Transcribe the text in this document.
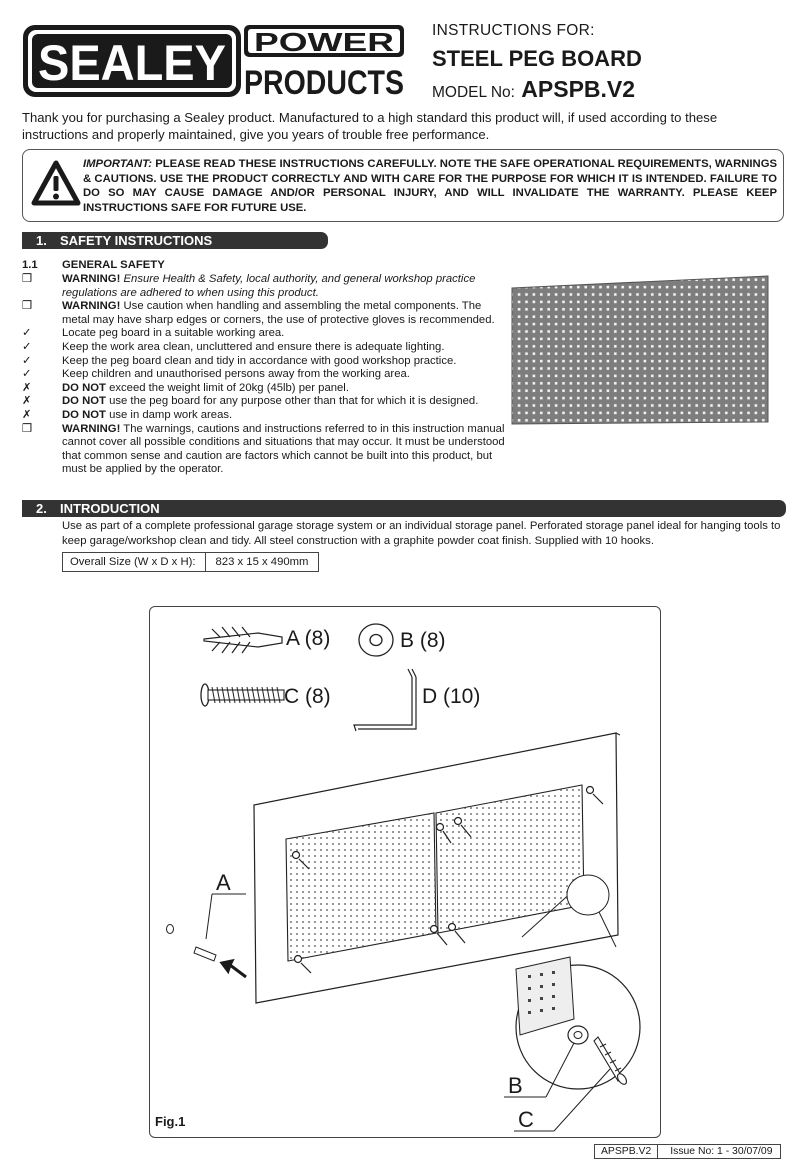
SEALEY POWER
PRODUCTS
INSTRUCTIONS FOR:
STEEL PEG BOARD
MODEL No: APSPB.V2
Thank you for purchasing a Sealey product. Manufactured to a high standard this product will, if used according to these instructions and properly maintained, give you years of trouble free performance.
IMPORTANT: PLEASE READ THESE INSTRUCTIONS CAREFULLY. NOTE THE SAFE OPERATIONAL REQUIREMENTS, WARNINGS & CAUTIONS. USE THE PRODUCT CORRECTLY AND WITH CARE FOR THE PURPOSE FOR WHICH IT IS INTENDED. FAILURE TO DO SO MAY CAUSE DAMAGE AND/OR PERSONAL INJURY, AND WILL INVALIDATE THE WARRANTY. PLEASE KEEP INSTRUCTIONS SAFE FOR FUTURE USE.
1. SAFETY INSTRUCTIONS
1.1 GENERAL SAFETY
❒	WARNING! Ensure Health & Safety, local authority, and general workshop practice regulations are adhered to when using this product.
❒	WARNING! Use caution when handling and assembling the metal components. The metal may have sharp edges or corners, the use of protective gloves is recommended.
✓	Locate peg board in a suitable working area.
✓	Keep the work area clean, uncluttered and ensure there is adequate lighting.
✓	Keep the peg board clean and tidy in accordance with good workshop practice.
✓	Keep children and unauthorised persons away from the working area.
✗	DO NOT exceed the weight limit of 20kg (45lb) per panel.
✗	DO NOT use the peg board for any purpose other than that for which it is designed.
✗	DO NOT use in damp work areas.
❒	WARNING! The warnings, cautions and instructions referred to in this instruction manual cannot cover all possible conditions and situations that may occur. It must be understood that common sense and caution are factors which cannot be built into this product, but must be applied by the operator.
2. INTRODUCTION
Use as part of a complete professional garage storage system or an individual storage panel. Perforated storage panel ideal for hanging tools to keep garage/workshop clean and tidy. All steel construction with a graphite powder coat finish. Supplied with 10 hooks.
Overall Size (W x D x H):	823 x 15 x 490mm
A (8)	B (8)
C (8)	D (10)
A
B
C
Fig.1
APSPB.V2	Issue No: 1 - 30/07/09
